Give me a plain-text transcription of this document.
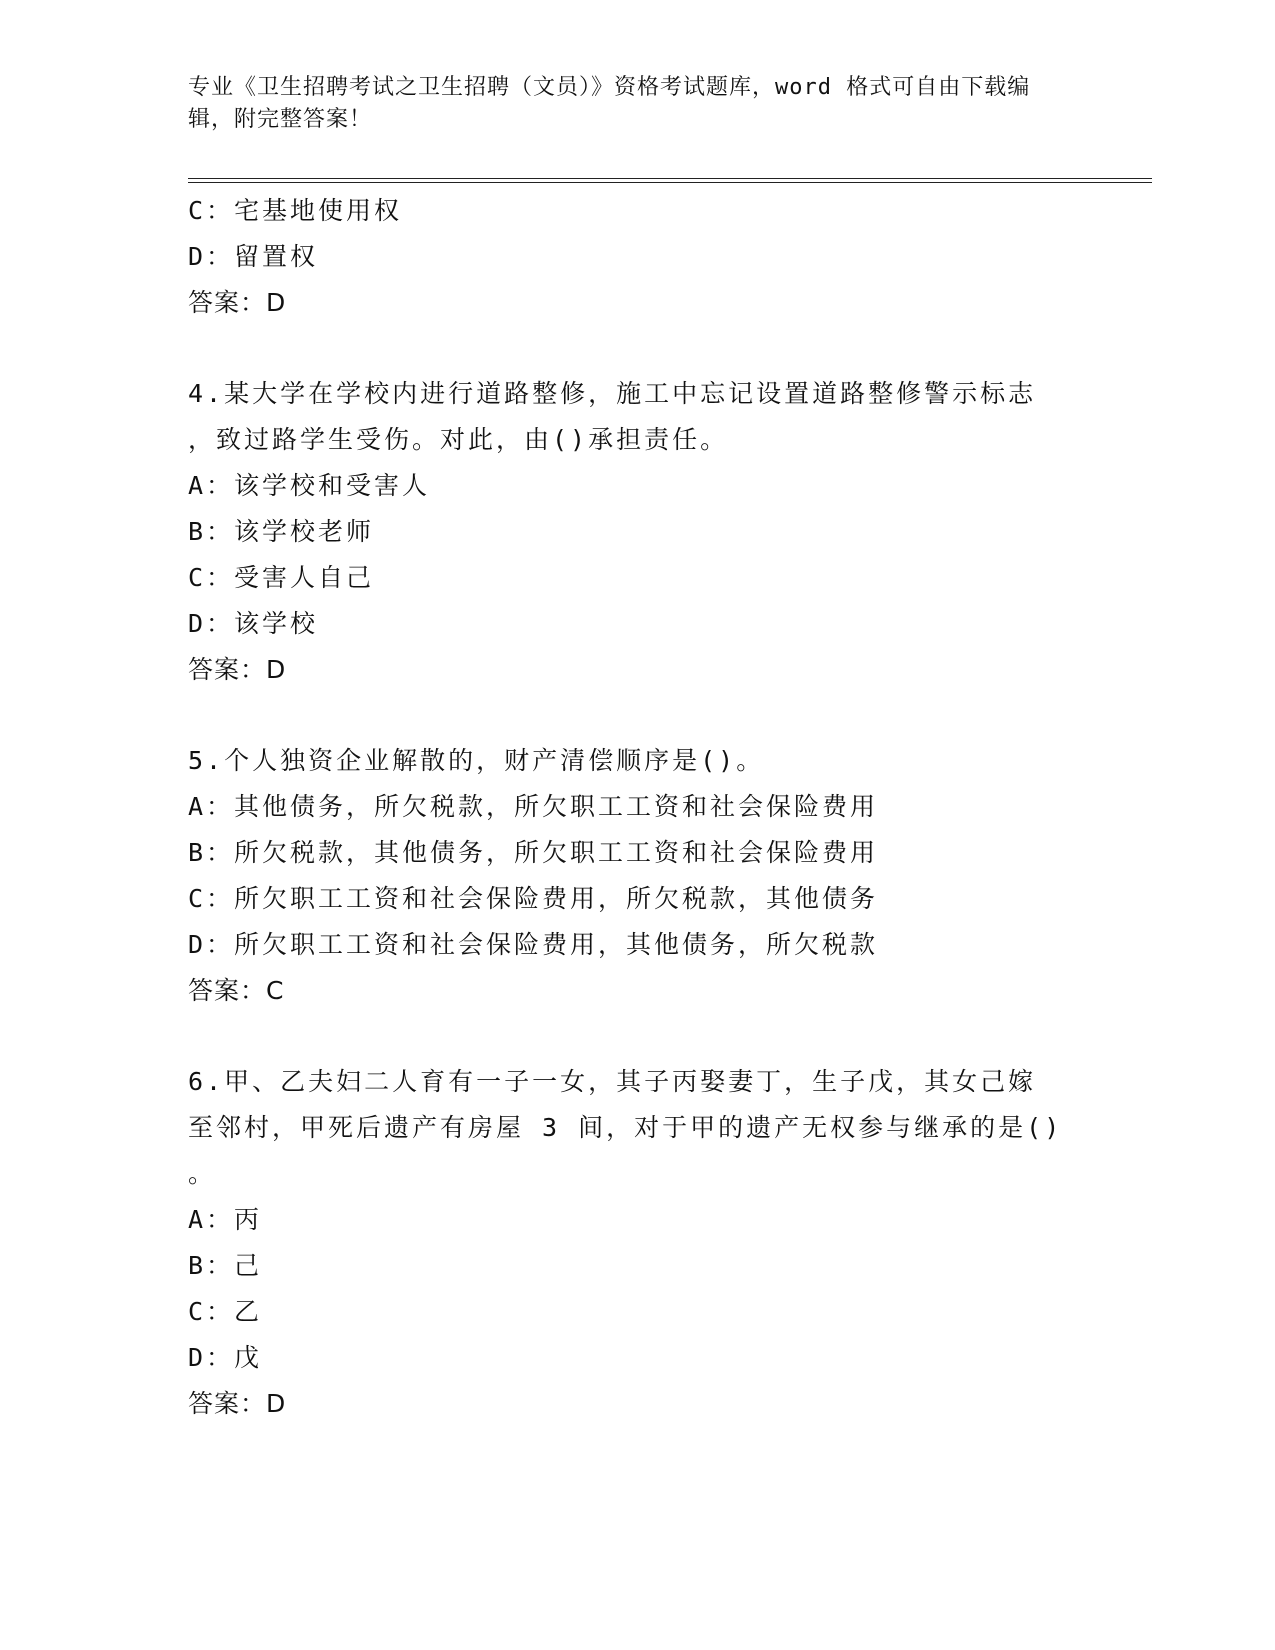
专业《卫生招聘考试之卫生招聘（文员）》资格考试题库，word 格式可自由下载编辑，附完整答案！
C：宅基地使用权
D：留置权
答案：D
4.某大学在学校内进行道路整修，施工中忘记设置道路整修警示标志
，致过路学生受伤。对此，由()承担责任。
A：该学校和受害人
B：该学校老师
C：受害人自己
D：该学校
答案：D
5.个人独资企业解散的，财产清偿顺序是()。
A：其他债务，所欠税款，所欠职工工资和社会保险费用
B：所欠税款，其他债务，所欠职工工资和社会保险费用
C：所欠职工工资和社会保险费用，所欠税款，其他债务
D：所欠职工工资和社会保险费用，其他债务，所欠税款
答案：C
6.甲、乙夫妇二人育有一子一女，其子丙娶妻丁，生子戊，其女己嫁
至邻村，甲死后遗产有房屋 3 间，对于甲的遗产无权参与继承的是()
。
A：丙
B：己
C：乙
D：戊
答案：D
